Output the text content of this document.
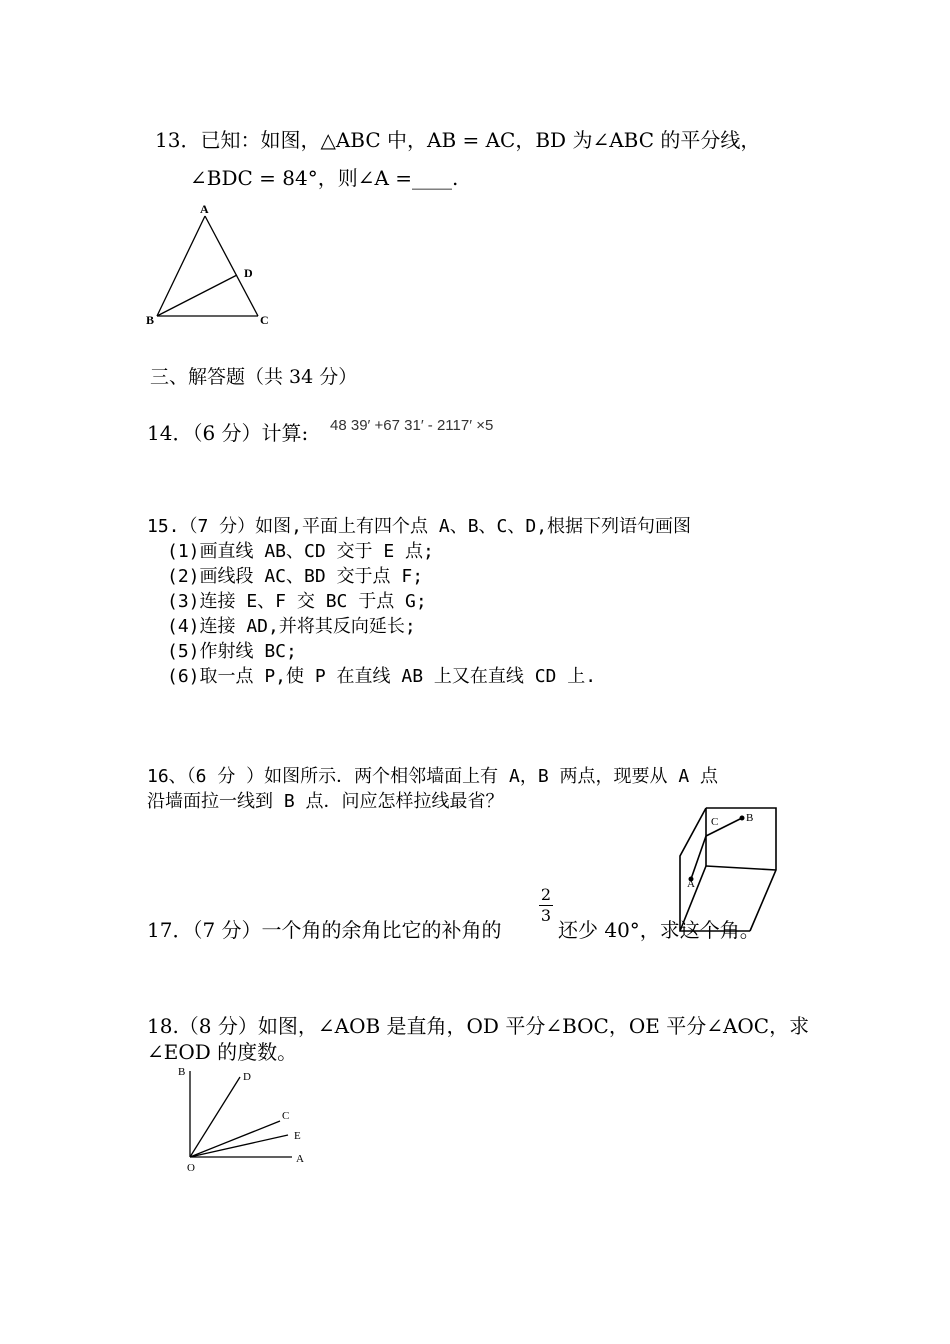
13．已知：如图，△ABC 中，AB = AC，BD 为∠ABC 的平分线，
∠BDC = 84°，则∠A =____.
A
D
B	C
三、解答题（共 34 分）
14．（6 分）计算: 48 39′ +67 31′ - 2117′ ×5
15.（7 分）如图,平面上有四个点 A、B、C、D,根据下列语句画图
(1)画直线 AB、CD 交于 E 点;
(2)画线段 AC、BD 交于点 F;
(3)连接 E、F 交 BC 于点 G;
(4)连接 AD,并将其反向延长;
(5)作射线 BC;
(6)取一点 P,使 P 在直线 AB 上又在直线 CD 上.
16、（6 分 ）如图所示．两个相邻墙面上有 A，B 两点，现要从 A 点
沿墙面拉一线到 B 点．问应怎样拉线最省？
C	B
A
17．（7 分）一个角的余角比它的补角的
2
3
还少 40°，求这个角。
18.（8 分）如图，∠AOB 是直角，OD 平分∠BOC，OE 平分∠AOC，求
∠EOD 的度数。
B	D
C
E
A
O
